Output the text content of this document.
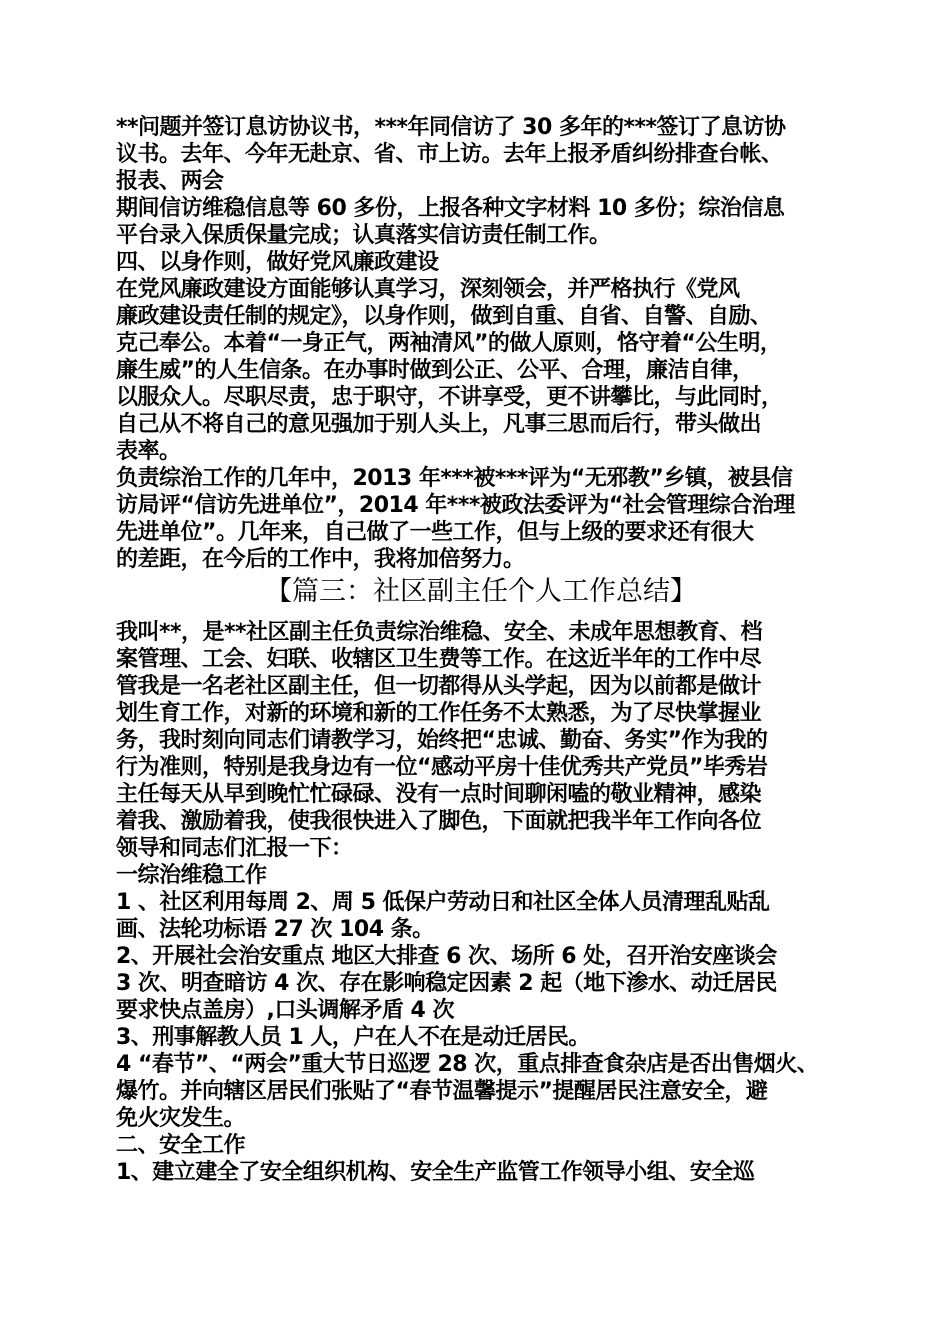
**问题并签订息访协议书，***年同信访了 30 多年的***签订了息访协
议书。去年、今年无赴京、省、市上访。去年上报矛盾纠纷排查台帐、
报表、两会
期间信访维稳信息等 60 多份，上报各种文字材料 10 多份；综治信息
平台录入保质保量完成；认真落实信访责任制工作。
四、以身作则，做好党风廉政建设
在党风廉政建设方面能够认真学习，深刻领会，并严格执行《党风
廉政建设责任制的规定》，以身作则，做到自重、自省、自警、自励、
克己奉公。本着“一身正气，两袖清风”的做人原则，恪守着“公生明，
廉生威”的人生信条。在办事时做到公正、公平、合理，廉洁自律，
以服众人。尽职尽责，忠于职守，不讲享受，更不讲攀比，与此同时，
自己从不将自己的意见强加于别人头上，凡事三思而后行，带头做出
表率。
负责综治工作的几年中，2013 年***被***评为“无邪教”乡镇，被县信
访局评“信访先进单位”，2014 年***被政法委评为“社会管理综合治理
先进单位”。几年来，自己做了一些工作，但与上级的要求还有很大
的差距，在今后的工作中，我将加倍努力。
【篇三：社区副主任个人工作总结】
我叫**，是**社区副主任负责综治维稳、安全、未成年思想教育、档
案管理、工会、妇联、收辖区卫生费等工作。在这近半年的工作中尽
管我是一名老社区副主任，但一切都得从头学起，因为以前都是做计
划生育工作，对新的环境和新的工作任务不太熟悉，为了尽快掌握业
务，我时刻向同志们请教学习，始终把“忠诚、勤奋、务实”作为我的
行为准则，特别是我身边有一位“感动平房十佳优秀共产党员”毕秀岩
主任每天从早到晚忙忙碌碌、没有一点时间聊闲嗑的敬业精神，感染
着我、激励着我，使我很快进入了脚色，下面就把我半年工作向各位
领导和同志们汇报一下：
一综治维稳工作
1 、社区利用每周 2、周 5 低保户劳动日和社区全体人员清理乱贴乱
画、法轮功标语 27 次 104 条。
2、开展社会治安重点 地区大排查 6 次、场所 6 处，召开治安座谈会
3 次、明查暗访 4 次、存在影响稳定因素 2 起（地下渗水、动迁居民
要求快点盖房）,口头调解矛盾 4 次
3、刑事解教人员 1 人，户在人不在是动迁居民。
4 “春节”、“两会”重大节日巡逻 28 次，重点排查食杂店是否出售烟火、
爆竹。并向辖区居民们张贴了“春节温馨提示”提醒居民注意安全，避
免火灾发生。
二、安全工作
1、建立建全了安全组织机构、安全生产监管工作领导小组、安全巡
